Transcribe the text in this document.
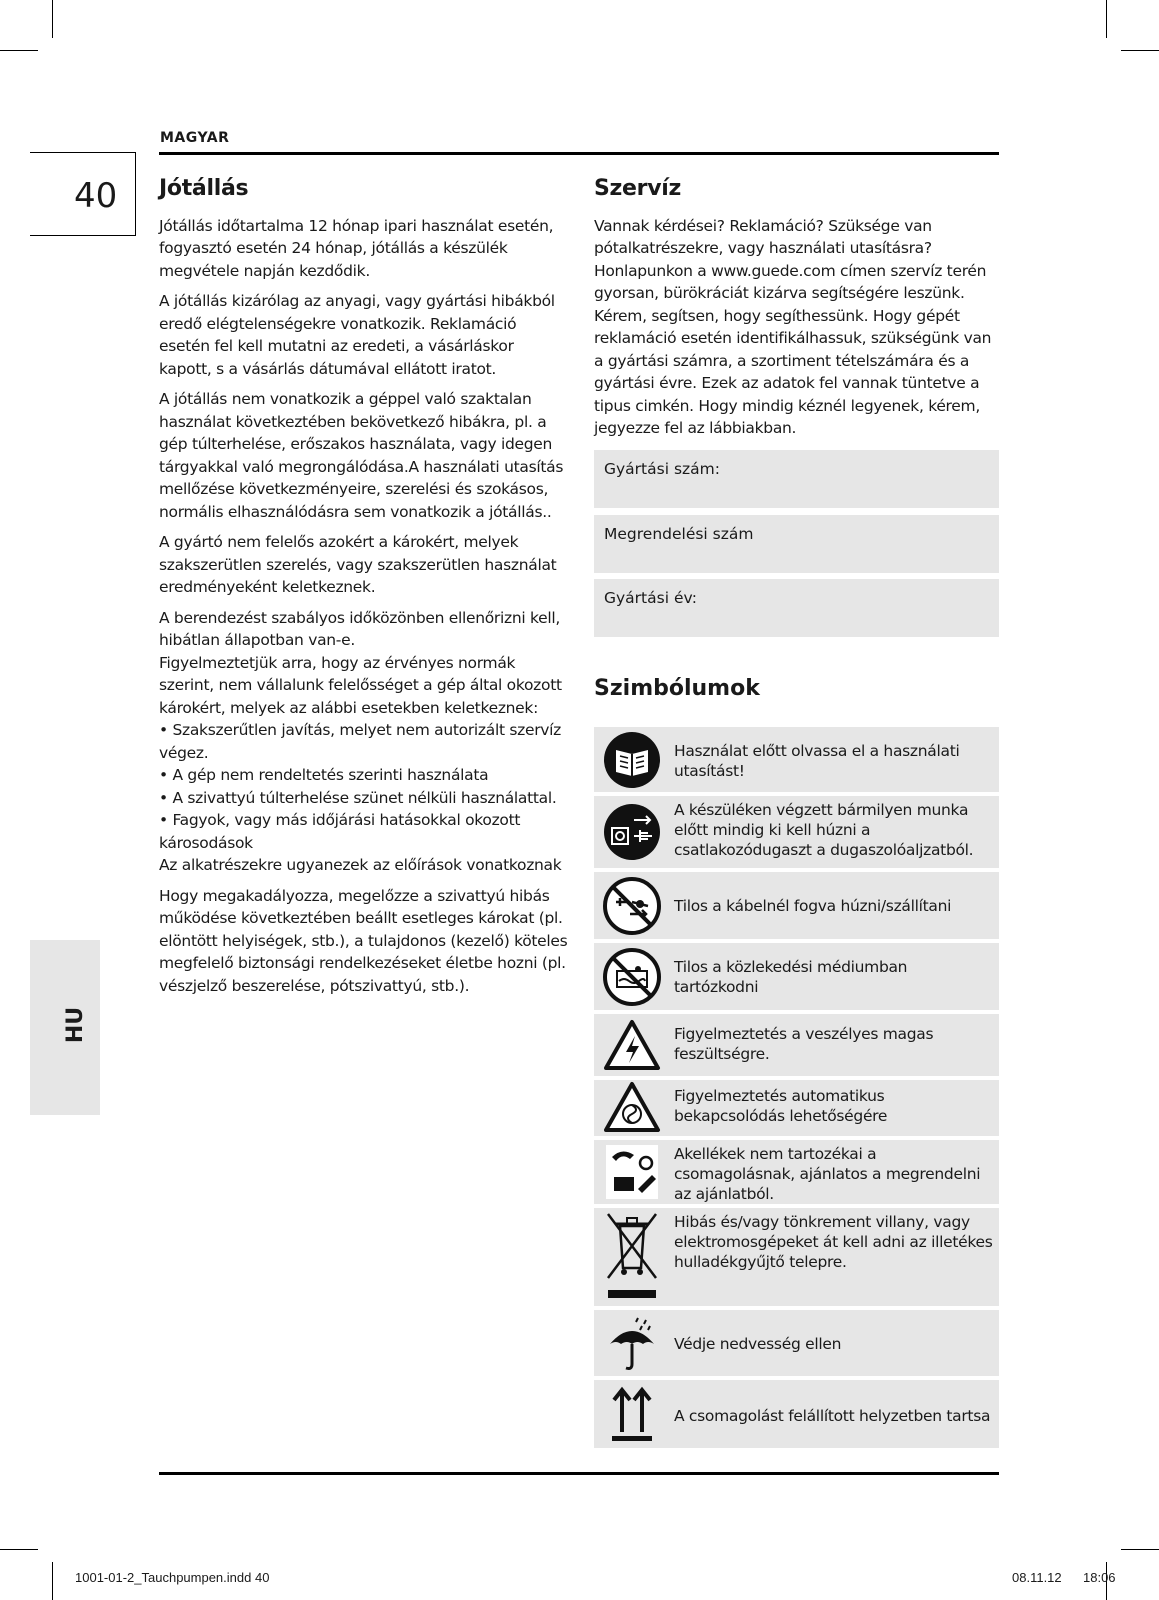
MAGYAR
40
HU
Jótállás

Jótállás időtartalma 12 hónap ipari használat esetén, fogyasztó esetén 24 hónap, jótállás a készülék megvétele napján kezdődik.

A jótállás kizárólag az anyagi, vagy gyártási hibákból eredő elégtelenségekre vonatkozik. Reklamáció esetén fel kell mutatni az eredeti, a vásárláskor kapott, s a vásárlás dátumával ellátott iratot.

A jótállás nem vonatkozik a géppel való szaktalan használat következtében bekövetkező hibákra, pl. a gép túlterhelése, erőszakos használata, vagy idegen tárgyakkal való megrongálódása.A használati utasítás mellőzése következményeire, szerelési és szokásos, normális elhasználódásra sem vonatkozik a jótállás..

A gyártó nem felelős azokért a károkért, melyek szakszerütlen szerelés, vagy szakszerütlen használat eredményeként keletkeznek.

A berendezést szabályos időközönben ellenőrizni kell, hibátlan állapotban van-e.

Figyelmeztetjük arra, hogy az érvényes normák szerint, nem vállalunk felelősséget a gép által okozott károkért, melyek az alábbi esetekben keletkeznek:

• Szakszerűtlen javítás, melyet nem autorizált szervíz végez.

• A gép nem rendeltetés szerinti használata

• A szivattyú túlterhelése szünet nélküli használattal.

• Fagyok, vagy más időjárási hatásokkal okozott károsodások

Az alkatrészekre ugyanezek az előírások vonatkoznak

Hogy megakadályozza, megelőzze a szivattyú hibás működése következtében beállt esetleges károkat (pl. elöntött helyiségek, stb.), a tulajdonos (kezelő) köteles megfelelő biztonsági rendelkezéseket életbe hozni (pl. vészjelző beszerelése, pótszivattyú, stb.).

Szervíz

Vannak kérdései? Reklamáció? Szüksége van pótalkatrészekre, vagy használati utasításra? Honlapunkon a www.guede.com címen szervíz terén gyorsan, bürökráciát kizárva segítségére leszünk. Kérem, segítsen, hogy segíthessünk. Hogy gépét reklamáció esetén identifikálhassuk, szükségünk van a gyártási számra, a szortiment tételszámára és a gyártási évre. Ezek az adatok fel vannak tüntetve a tipus cimkén. Hogy mindig kéznél legyenek, kérem, jegyezze fel az lábbiakban.

Gyártási szám:
Megrendelési szám
Gyártási év:
Szimbólumok
Használat előtt olvassa el a használati utasítást!
A készüléken végzett bármilyen munka előtt mindig ki kell húzni a csatlakozódugaszt a dugaszolóaljzatból.
Tilos a kábelnél fogva húzni/szállítani
Tilos a közlekedési médiumban tartózkodni
Figyelmeztetés a veszélyes magas feszültségre.
Figyelmeztetés automatikus bekapcsolódás lehetőségére
Akellékek nem tartozékai a csomagolásnak, ajánlatos a megrendelni az ajánlatból.
Hibás és/vagy tönkrement villany, vagy elektromosgépeket át kell adni az illetékes hulladékgyűjtő telepre.
Védje nedvesség ellen
A csomagolást felállított helyzetben tartsa
1001-01-2_Tauchpumpen.indd 40	08.11.12 18:06
